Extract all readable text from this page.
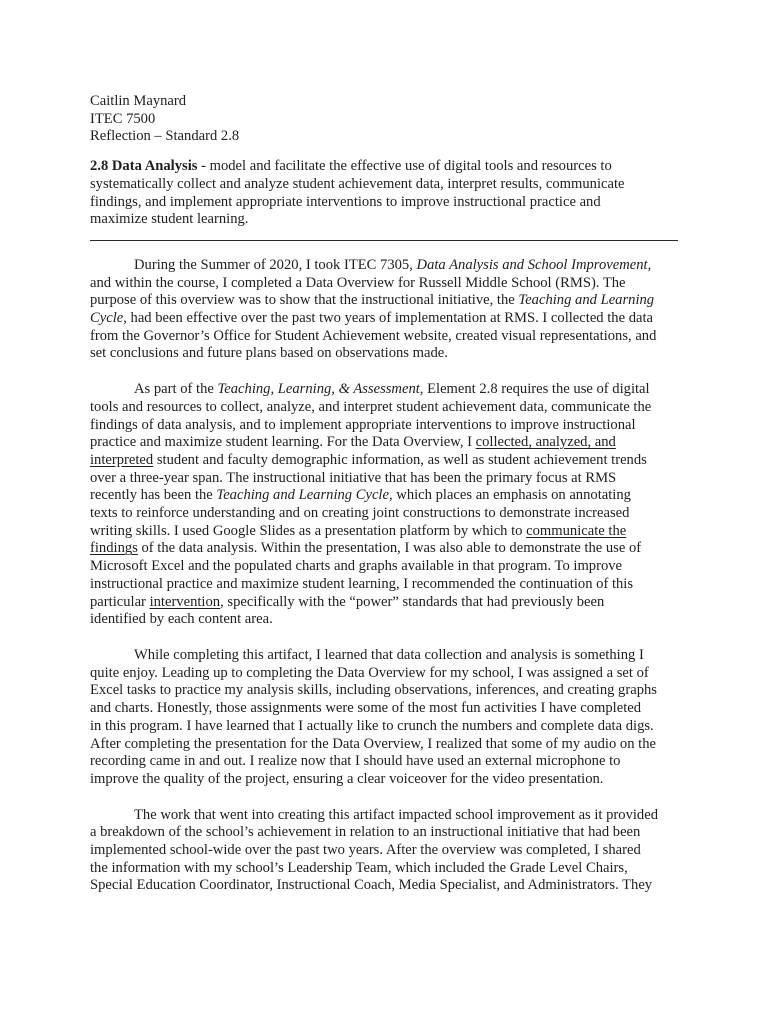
Caitlin Maynard
ITEC 7500
Reflection – Standard 2.8
2.8 Data Analysis - model and facilitate the effective use of digital tools and resources to
systematically collect and analyze student achievement data, interpret results, communicate
findings, and implement appropriate interventions to improve instructional practice and
maximize student learning.

During the Summer of 2020, I took ITEC 7305, Data Analysis and School Improvement,
and within the course, I completed a Data Overview for Russell Middle School (RMS). The
purpose of this overview was to show that the instructional initiative, the Teaching and Learning
Cycle, had been effective over the past two years of implementation at RMS. I collected the data
from the Governor’s Office for Student Achievement website, created visual representations, and
set conclusions and future plans based on observations made.

As part of the Teaching, Learning, & Assessment, Element 2.8 requires the use of digital
tools and resources to collect, analyze, and interpret student achievement data, communicate the
findings of data analysis, and to implement appropriate interventions to improve instructional
practice and maximize student learning. For the Data Overview, I collected, analyzed, and
interpreted student and faculty demographic information, as well as student achievement trends
over a three-year span. The instructional initiative that has been the primary focus at RMS
recently has been the Teaching and Learning Cycle, which places an emphasis on annotating
texts to reinforce understanding and on creating joint constructions to demonstrate increased
writing skills. I used Google Slides as a presentation platform by which to communicate the
findings of the data analysis. Within the presentation, I was also able to demonstrate the use of
Microsoft Excel and the populated charts and graphs available in that program. To improve
instructional practice and maximize student learning, I recommended the continuation of this
particular intervention, specifically with the “power” standards that had previously been
identified by each content area.

While completing this artifact, I learned that data collection and analysis is something I
quite enjoy. Leading up to completing the Data Overview for my school, I was assigned a set of
Excel tasks to practice my analysis skills, including observations, inferences, and creating graphs
and charts. Honestly, those assignments were some of the most fun activities I have completed
in this program. I have learned that I actually like to crunch the numbers and complete data digs.
After completing the presentation for the Data Overview, I realized that some of my audio on the
recording came in and out. I realize now that I should have used an external microphone to
improve the quality of the project, ensuring a clear voiceover for the video presentation.

The work that went into creating this artifact impacted school improvement as it provided
a breakdown of the school’s achievement in relation to an instructional initiative that had been
implemented school-wide over the past two years. After the overview was completed, I shared
the information with my school’s Leadership Team, which included the Grade Level Chairs,
Special Education Coordinator, Instructional Coach, Media Specialist, and Administrators. They
